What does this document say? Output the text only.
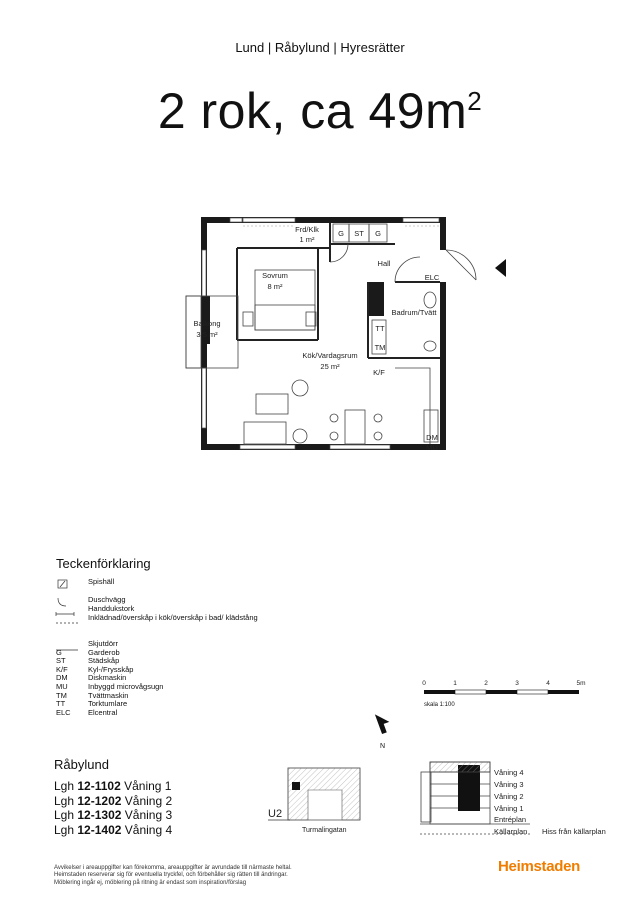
Lund | Råbylund | Hyresrätter
2 rok, ca $49m^2$
Frd/Klk
1 m²
Sovrum
8 m²
Balkong
3,5 m²
Hall
Badrum/Tvätt
Kök/Vardagsrum
25 m²
G ST G
ELC
TT
TM
K/F
DM
MU
0	1	2	3	4	5m
N
U2
Turmalingatan
Våning 4
Våning 3
Våning 2
Våning 1
Entréplan
Källarplan Hiss från källarplan
Teckenförklaring
Spishäll
Duschvägg
Handdukstork
Inklädnad/överskåp i kök/överskåp i bad/ klädstång
Skjutdörr
G	Garderob
ST	Städskåp
K/F	Kyl-/Frysskåp
DM	Diskmaskin
MU	Inbyggd microvågsugn
TM	Tvättmaskin
TT	Torktumlare
ELC	Elcentral
skala 1:100
Råbylund
Lgh 12-1102 Våning 1
Lgh 12-1202 Våning 2
Lgh 12-1302 Våning 3
Lgh 12-1402 Våning 4
Avvikelser i areauppgifter kan förekomma, areauppgifter är avrundade till närmaste heltal.
Heimstaden reserverar sig för eventuella tryckfel, och förbehåller sig rätten till ändringar.
Möblering ingår ej, möblering på ritning är endast som inspiration/förslag
Heimstaden
